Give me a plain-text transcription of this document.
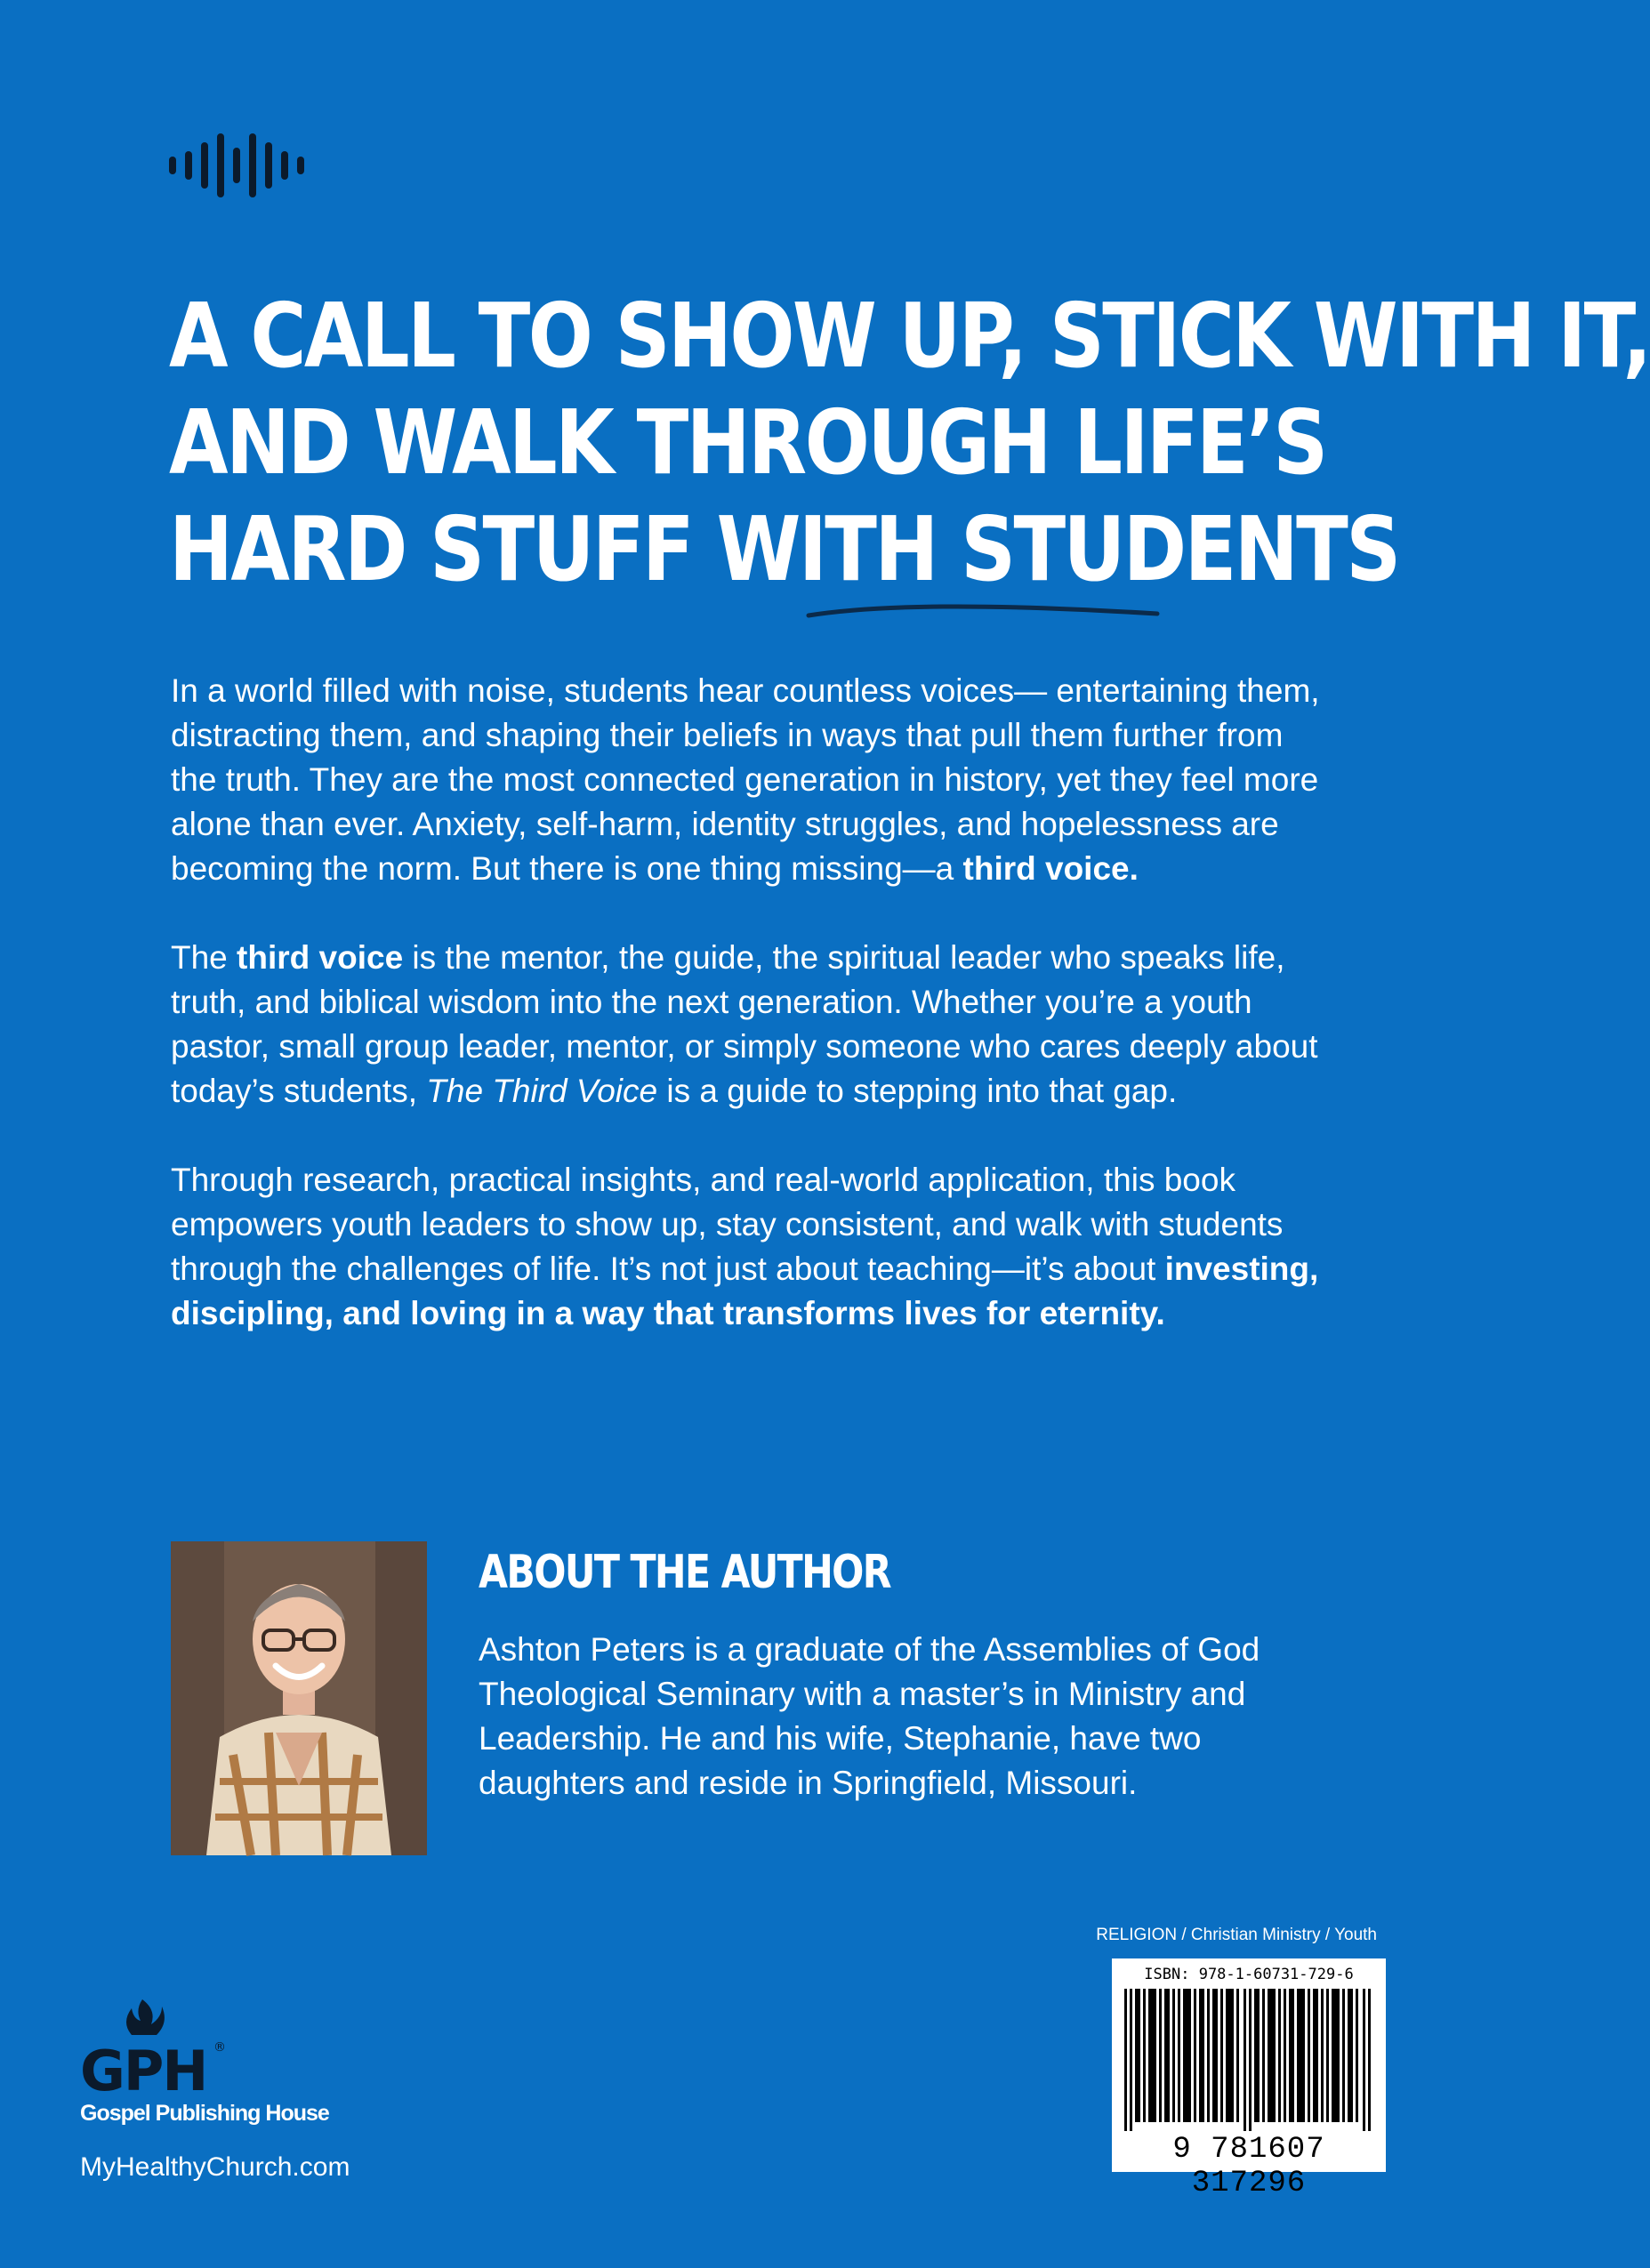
A CALL TO SHOW UP, STICK WITH IT,
AND WALK THROUGH LIFE’S
HARD STUFF WITH STUDENTS

In a world filled with noise, students hear countless voices— entertaining them, distracting them, and shaping their beliefs in ways that pull them further from the truth. They are the most connected generation in history, yet they feel more alone than ever. Anxiety, self-harm, identity struggles, and hopelessness are becoming the norm. But there is one thing missing—a third voice.

The third voice is the mentor, the guide, the spiritual leader who speaks life, truth, and biblical wisdom into the next generation. Whether you’re a youth pastor, small group leader, mentor, or simply someone who cares deeply about today’s students, The Third Voice is a guide to stepping into that gap.

Through research, practical insights, and real-world application, this book empowers youth leaders to show up, stay consistent, and walk with students through the challenges of life. It’s not just about teaching—it’s about investing, discipling, and loving in a way that transforms lives for eternity.

ABOUT THE AUTHOR

Ashton Peters is a graduate of the Assemblies of God Theological Seminary with a master’s in Ministry and Leadership. He and his wife, Stephanie, have two daughters and reside in Springfield, Missouri.

RELIGION / Christian Ministry / Youth
ISBN: 978-1-60731-729-6
9 781607 317296
GPH ®
Gospel Publishing House
MyHealthyChurch.com
